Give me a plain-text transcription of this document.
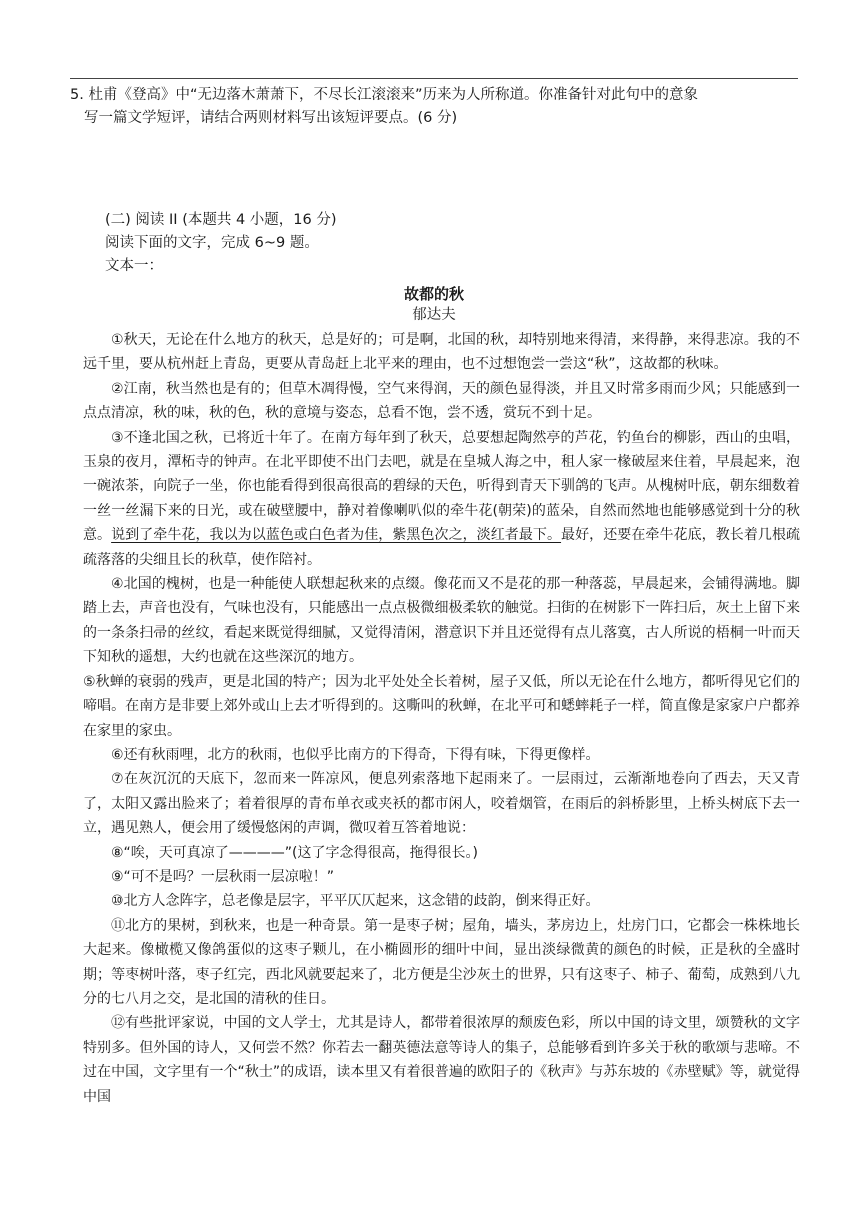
5. 杜甫《登高》中“无边落木萧萧下，不尽长江滚滚来”历来为人所称道。你准备针对此句中的意象
写一篇文学短评，请结合两则材料写出该短评要点。(6 分)
(二) 阅读 II (本题共 4 小题，16 分)
阅读下面的文字，完成 6~9 题。
文本一：
故都的秋
郁达夫

①秋天，无论在什么地方的秋天，总是好的；可是啊，北国的秋，却特别地来得清，来得静，来得悲凉。我的不远千里，要从杭州赶上青岛，更要从青岛赶上北平来的理由，也不过想饱尝一尝这“秋”，这故都的秋味。

②江南，秋当然也是有的；但草木凋得慢，空气来得润，天的颜色显得淡，并且又时常多雨而少风；只能感到一点点清凉，秋的味，秋的色，秋的意境与姿态，总看不饱，尝不透，赏玩不到十足。

③不逢北国之秋，已将近十年了。在南方每年到了秋天，总要想起陶然亭的芦花，钓鱼台的柳影，西山的虫唱，玉泉的夜月，潭柘寺的钟声。在北平即使不出门去吧，就是在皇城人海之中，租人家一椽破屋来住着，早晨起来，泡一碗浓茶，向院子一坐，你也能看得到很高很高的碧绿的天色，听得到青天下驯鸽的飞声。从槐树叶底，朝东细数着一丝一丝漏下来的日光，或在破壁腰中，静对着像喇叭似的牵牛花(朝荣)的蓝朵，自然而然地也能够感觉到十分的秋意。说到了牵牛花，我以为以蓝色或白色者为佳，紫黑色次之，淡红者最下。最好，还要在牵牛花底，教长着几根疏疏落落的尖细且长的秋草，使作陪衬。

④北国的槐树，也是一种能使人联想起秋来的点缀。像花而又不是花的那一种落蕊，早晨起来，会铺得满地。脚踏上去，声音也没有，气味也没有，只能感出一点点极微细极柔软的触觉。扫街的在树影下一阵扫后，灰土上留下来的一条条扫帚的丝纹，看起来既觉得细腻，又觉得清闲，潜意识下并且还觉得有点儿落寞，古人所说的梧桐一叶而天下知秋的遥想，大约也就在这些深沉的地方。

⑤秋蝉的衰弱的残声，更是北国的特产；因为北平处处全长着树，屋子又低，所以无论在什么地方，都听得见它们的啼唱。在南方是非要上郊外或山上去才听得到的。这嘶叫的秋蝉，在北平可和蟋蟀耗子一样，简直像是家家户户都养在家里的家虫。

⑥还有秋雨哩，北方的秋雨，也似乎比南方的下得奇，下得有味，下得更像样。

⑦在灰沉沉的天底下，忽而来一阵凉风，便息列索落地下起雨来了。一层雨过，云渐渐地卷向了西去，天又青了，太阳又露出脸来了；着着很厚的青布单衣或夹袄的都市闲人，咬着烟管，在雨后的斜桥影里，上桥头树底下去一立，遇见熟人，便会用了缓慢悠闲的声调，微叹着互答着地说：

⑧“唉，天可真凉了————”(这了字念得很高，拖得很长。)

⑨“可不是吗？一层秋雨一层凉啦！”

⑩北方人念阵字，总老像是层字，平平仄仄起来，这念错的歧韵，倒来得正好。

⑪北方的果树，到秋来，也是一种奇景。第一是枣子树；屋角，墙头，茅房边上，灶房门口，它都会一株株地长大起来。像橄榄又像鸽蛋似的这枣子颗儿，在小椭圆形的细叶中间，显出淡绿微黄的颜色的时候，正是秋的全盛时期；等枣树叶落，枣子红完，西北风就要起来了，北方便是尘沙灰土的世界，只有这枣子、柿子、葡萄，成熟到八九分的七八月之交，是北国的清秋的佳日。

⑫有些批评家说，中国的文人学士，尤其是诗人，都带着很浓厚的颓废色彩，所以中国的诗文里，颂赞秋的文字特别多。但外国的诗人，又何尝不然？你若去一翻英德法意等诗人的集子，总能够看到许多关于秋的歌颂与悲啼。不过在中国，文字里有一个“秋士”的成语，读本里又有着很普遍的欧阳子的《秋声》与苏东坡的《赤壁赋》等，就觉得中国
